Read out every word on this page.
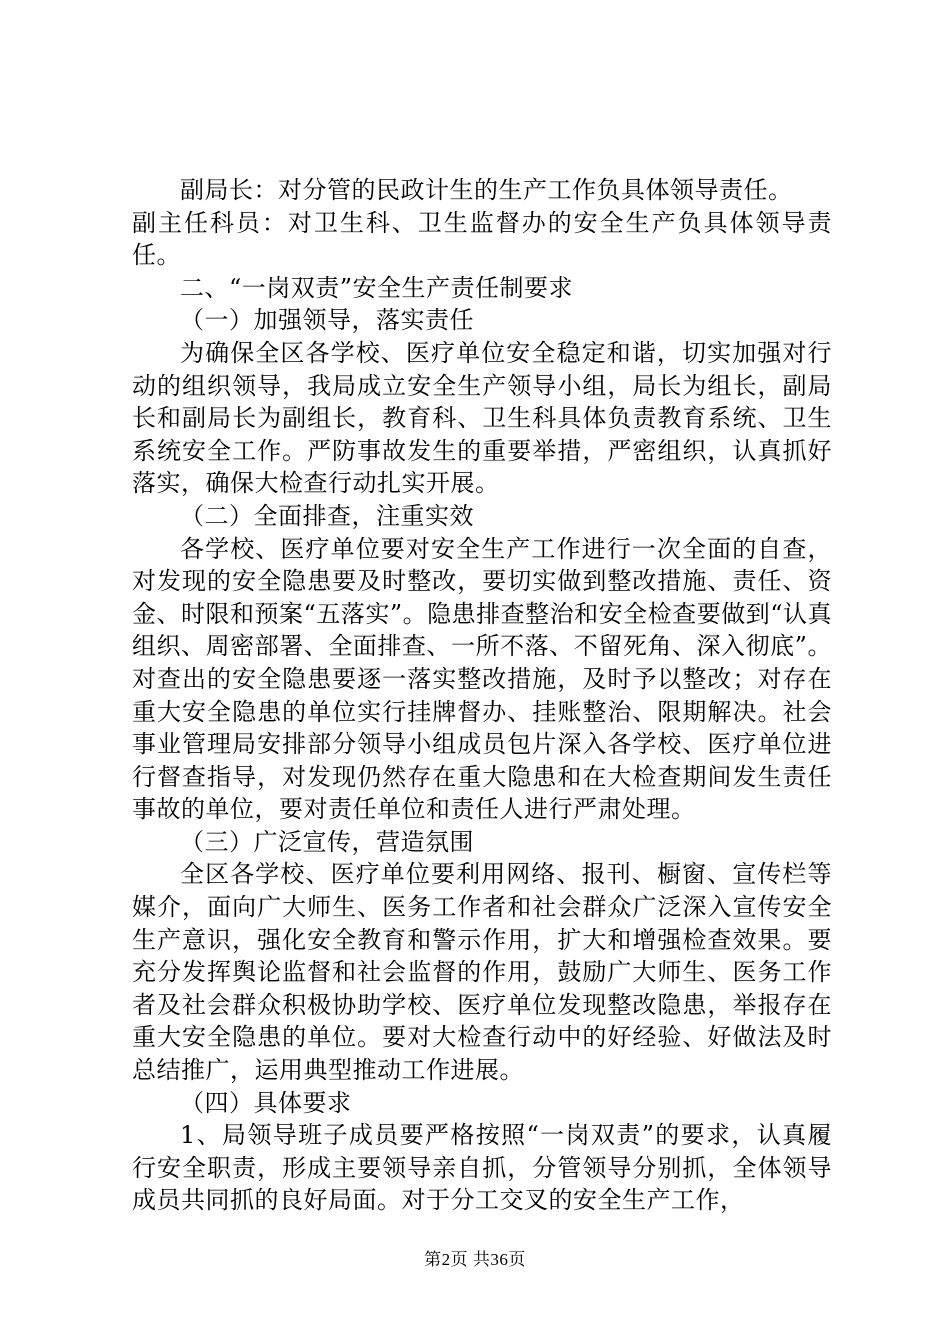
副局长：对分管的民政计生的生产工作负具体领导责任。

副主任科员：对卫生科、卫生监督办的安全生产负具体领导责任。

二、“一岗双责”安全生产责任制要求

（一）加强领导，落实责任

为确保全区各学校、医疗单位安全稳定和谐，切实加强对行动的组织领导，我局成立安全生产领导小组，局长为组长，副局长和副局长为副组长，教育科、卫生科具体负责教育系统、卫生系统安全工作。严防事故发生的重要举措，严密组织，认真抓好落实，确保大检查行动扎实开展。

（二）全面排查，注重实效

各学校、医疗单位要对安全生产工作进行一次全面的自查，对发现的安全隐患要及时整改，要切实做到整改措施、责任、资金、时限和预案“五落实”。隐患排查整治和安全检查要做到“认真组织、周密部署、全面排查、一所不落、不留死角、深入彻底”。对查出的安全隐患要逐一落实整改措施，及时予以整改；对存在重大安全隐患的单位实行挂牌督办、挂账整治、限期解决。社会事业管理局安排部分领导小组成员包片深入各学校、医疗单位进行督查指导，对发现仍然存在重大隐患和在大检查期间发生责任事故的单位，要对责任单位和责任人进行严肃处理。

（三）广泛宣传，营造氛围

全区各学校、医疗单位要利用网络、报刊、橱窗、宣传栏等媒介，面向广大师生、医务工作者和社会群众广泛深入宣传安全生产意识，强化安全教育和警示作用，扩大和增强检查效果。要充分发挥舆论监督和社会监督的作用，鼓励广大师生、医务工作者及社会群众积极协助学校、医疗单位发现整改隐患，举报存在重大安全隐患的单位。要对大检查行动中的好经验、好做法及时总结推广，运用典型推动工作进展。

（四）具体要求

1、局领导班子成员要严格按照“一岗双责”的要求，认真履行安全职责，形成主要领导亲自抓，分管领导分别抓，全体领导成员共同抓的良好局面。对于分工交叉的安全生产工作，

第2页 共36页
